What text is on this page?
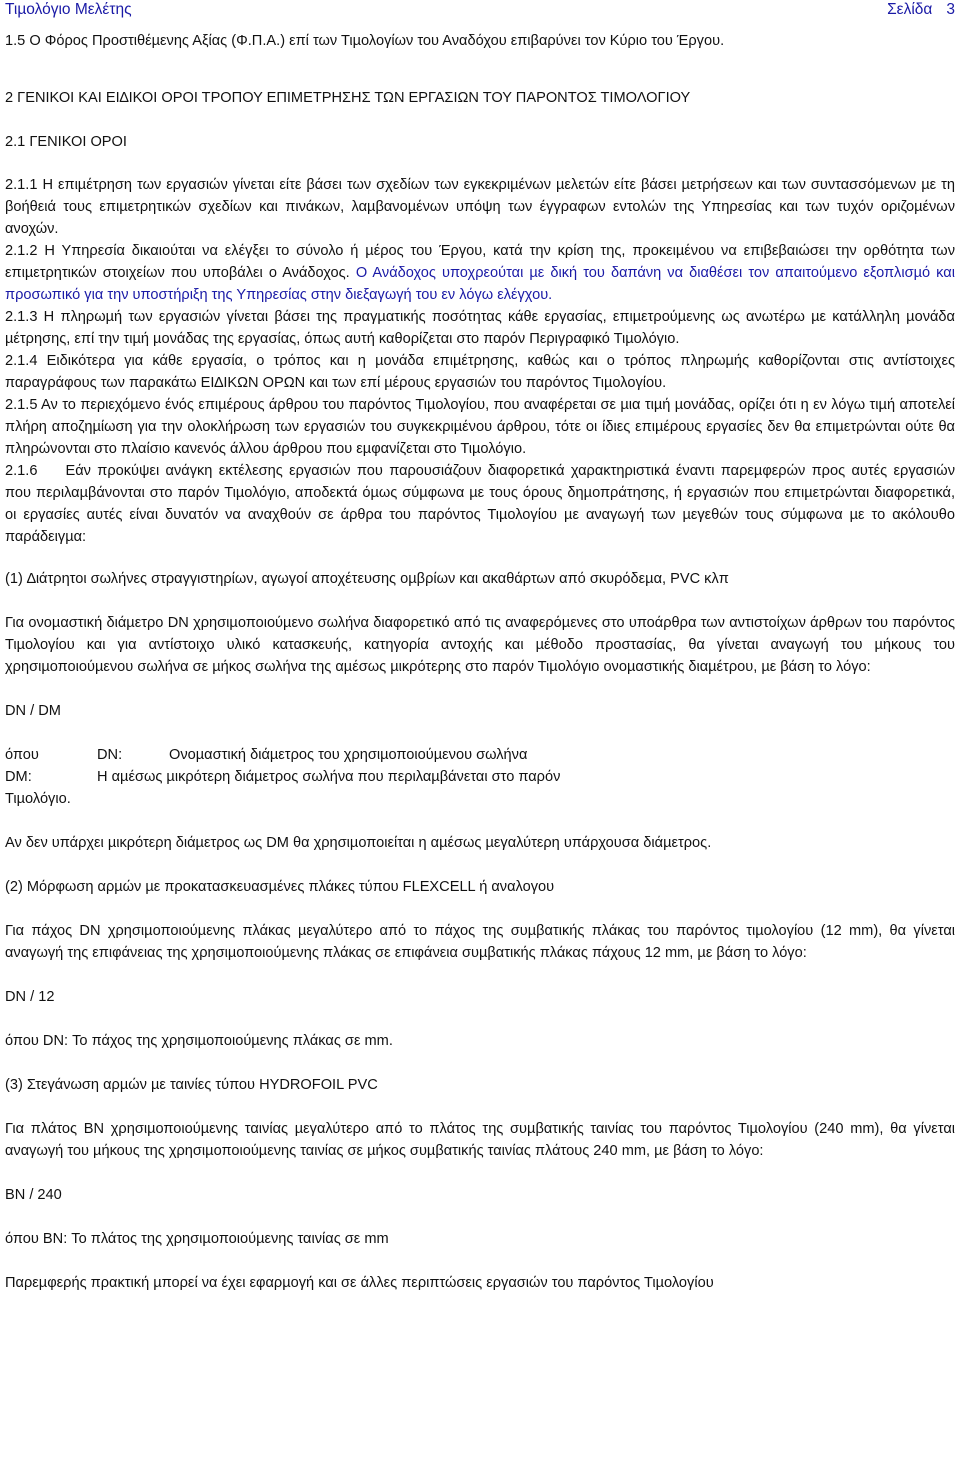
Τιµολόγιο Μελέτης	Σελίδα 3

1.5 Ο Φόρος Προστιθέµενης Αξίας (Φ.Π.Α.) επί των Τιµολογίων του Αναδόχου επιβαρύνει τον Κύριο του Έργου.

2 ΓΕΝΙΚΟΙ ΚΑΙ ΕΙ∆ΙΚΟΙ ΟΡΟΙ ΤΡΟΠΟΥ ΕΠΙΜΕΤΡΗΣΗΣ ΤΩΝ ΕΡΓΑΣΙΩΝ ΤΟΥ ΠΑΡΟΝΤΟΣ ΤΙΜΟΛΟΓΙΟΥ

2.1 ΓΕΝΙΚΟΙ ΟΡΟΙ

2.1.1 Η επιµέτρηση των εργασιών γίνεται είτε βάσει των σχεδίων των εγκεκριµένων µελετών είτε βάσει µετρήσεων και των συντασσόµενων µε τη βοήθειά τους επιµετρητικών σχεδίων και πινάκων, λαµβανοµένων υπόψη των έγγραφων εντολών της Υπηρεσίας και των τυχόν οριζοµένων ανοχών.

2.1.2 Η Υπηρεσία δικαιούται να ελέγξει το σύνολο ή µέρος του Έργου, κατά την κρίση της, προκειµένου να επιβεβαιώσει την ορθότητα των επιµετρητικών στοιχείων που υποβάλει ο Ανάδοχος. Ο Ανάδοχος υποχρεούται µε δική του δαπάνη να διαθέσει τον απαιτούµενο εξοπλισµό και προσωπικό για την υποστήριξη της Υπηρεσίας στην διεξαγωγή του εν λόγω ελέγχου.

2.1.3 Η πληρωµή των εργασιών γίνεται βάσει της πραγµατικής ποσότητας κάθε εργασίας, επιµετρούµενης ως ανωτέρω µε κατάλληλη µονάδα µέτρησης, επί την τιµή µονάδας της εργασίας, όπως αυτή καθορίζεται στο παρόν Περιγραφικό Τιµολόγιο.

2.1.4 Ειδικότερα για κάθε εργασία, ο τρόπος και η µονάδα επιµέτρησης, καθώς και ο τρόπος πληρωµής καθορίζονται στις αντίστοιχες παραγράφους των παρακάτω ΕΙ∆ΙΚΩΝ ΟΡΩΝ και των επί µέρους εργασιών του παρόντος Τιµολογίου.

2.1.5 Αν το περιεχόµενο ένός επιµέρους άρθρου του παρόντος Τιµολογίου, που αναφέρεται σε µια τιµή µονάδας, ορίζει ότι η εν λόγω τιµή αποτελεί πλήρη αποζηµίωση για την ολοκλήρωση των εργασιών του συγκεκριµένου άρθρου, τότε οι ίδιες επιµέρους εργασίες δεν θα επιµετρώνται ούτε θα πληρώνονται στο πλαίσιο κανενός άλλου άρθρου που εµφανίζεται στο Τιµολόγιο.

2.1.6 Εάν προκύψει ανάγκη εκτέλεσης εργασιών που παρουσιάζουν διαφορετικά χαρακτηριστικά έναντι παρεµφερών προς αυτές εργασιών που περιλαµβάνονται στο παρόν Τιµολόγιο, αποδεκτά όµως σύµφωνα µε τους όρους δηµοπράτησης, ή εργασιών που επιµετρώνται διαφορετικά, οι εργασίες αυτές είναι δυνατόν να αναχθούν σε άρθρα του παρόντος Τιµολογίου µε αναγωγή των µεγεθών τους σύµφωνα µε το ακόλουθο παράδειγµα:

(1) ∆ιάτρητοι σωλήνες στραγγιστηρίων, αγωγοί αποχέτευσης οµβρίων και ακαθάρτων από σκυρόδεµα, PVC κλπ

Για ονοµαστική διάµετρο DN χρησιµοποιούµενο σωλήνα διαφορετικό από τις αναφερόµενες στο υποάρθρα των αντιστοίχων άρθρων του παρόντος Τιµολογίου και για αντίστοιχο υλικό κατασκευής, κατηγορία αντοχής και µέθοδο προστασίας, θα γίνεται αναγωγή του µήκους του χρησιµοποιούµενου σωλήνα σε µήκος σωλήνα της αµέσως µικρότερης στο παρόν Τιµολόγιο ονοµαστικής διαµέτρου, µε βάση το λόγο:

DN / DM

όπου	DN:	Ονοµαστική διάµετρος του χρησιµοποιούµενου σωλήνα
DM:	Η αµέσως µικρότερη διάµετρος σωλήνα που περιλαµβάνεται στο παρόν
Τιµολόγιο.

Αν δεν υπάρχει µικρότερη διάµετρος ως DM θα χρησιµοποιείται η αµέσως µεγαλύτερη υπάρχουσα διάµετρος.

(2) Μόρφωση αρµών µε προκατασκευασµένες πλάκες τύπου FLEXCELL ή αναλογου

Για πάχος DN χρησιµοποιούµενης πλάκας µεγαλύτερο από το πάχος της συµβατικής πλάκας του παρόντος τιµολογίου (12 mm), θα γίνεται αναγωγή της επιφάνειας της χρησιµοποιούµενης πλάκας σε επιφάνεια συµβατικής πλάκας πάχους 12 mm, µε βάση το λόγο:

DN / 12

όπου DN: Το πάχος της χρησιµοποιούµενης πλάκας σε mm.

(3) Στεγάνωση αρµών µε ταινίες τύπου HYDROFOIL PVC

Για πλάτος BN χρησιµοποιούµενης ταινίας µεγαλύτερο από το πλάτος της συµβατικής ταινίας του παρόντος Τιµολογίου (240 mm), θα γίνεται αναγωγή του µήκους της χρησιµοποιούµενης ταινίας σε µήκος συµβατικής ταινίας πλάτους 240 mm, µε βάση το λόγο:

BN / 240

όπου BN: Το πλάτος της χρησιµοποιούµενης ταινίας σε mm

Παρεµφερής πρακτική µπορεί να έχει εφαρµογή και σε άλλες περιπτώσεις εργασιών του παρόντος Τιµολογίου
